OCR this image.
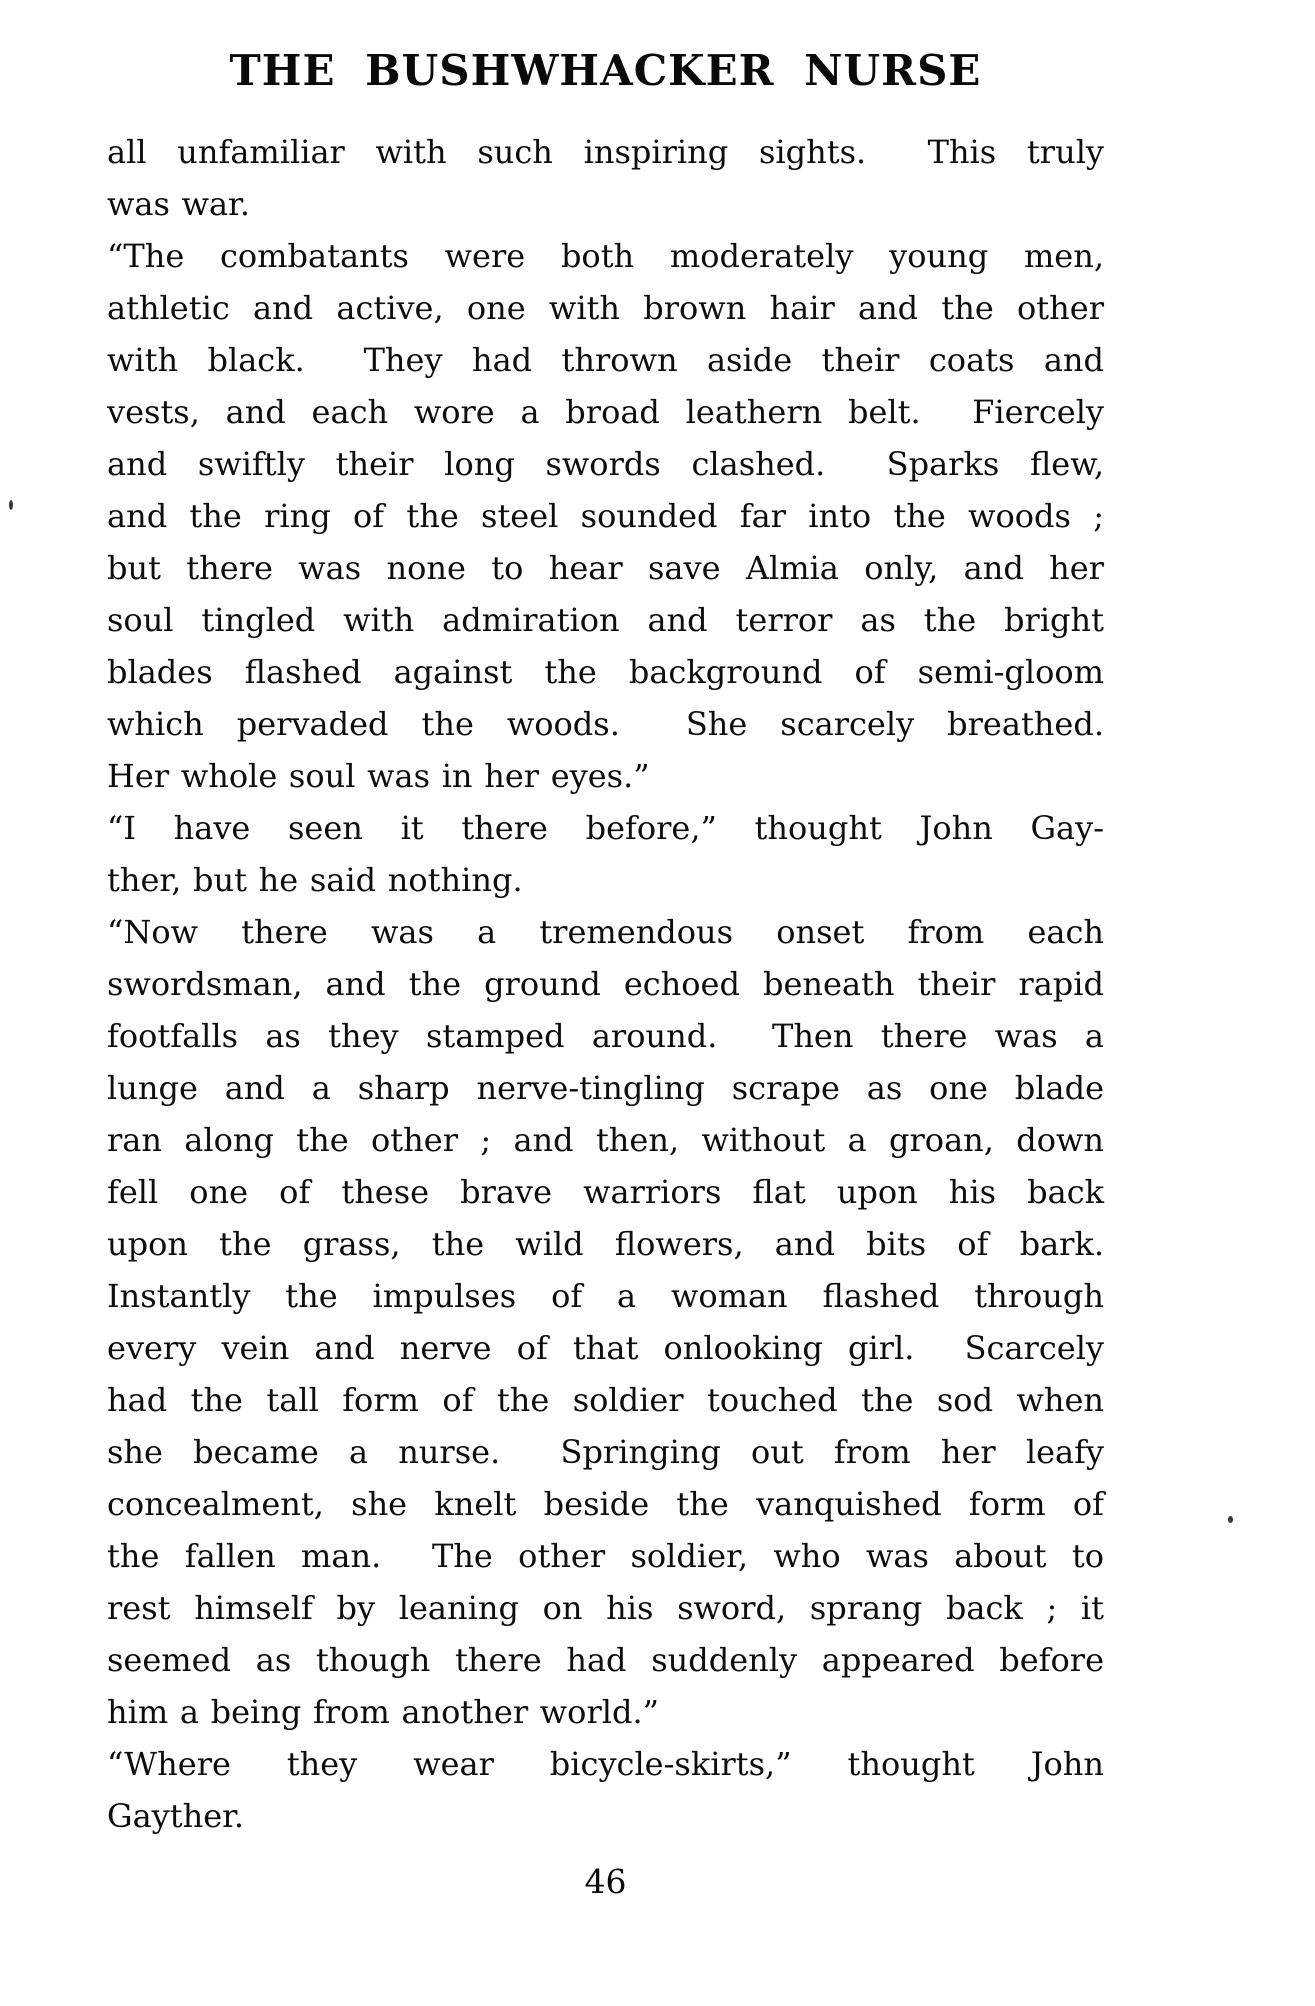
THE BUSHWHACKER NURSE

all unfamiliar with such inspiring sights.  This truly
was war.

“The combatants were both moderately young men,
athletic and active, one with brown hair and the other
with black.  They had thrown aside their coats and
vests, and each wore a broad leathern belt.  Fiercely
and swiftly their long swords clashed.  Sparks flew,
and the ring of the steel sounded far into the woods ;
but there was none to hear save Almia only, and her
soul tingled with admiration and terror as the bright
blades flashed against the background of semi-gloom
which pervaded the woods.  She scarcely breathed.
Her whole soul was in her eyes.”

“I have seen it there before,” thought John Gay-
ther, but he said nothing.

“Now there was a tremendous onset from each
swordsman, and the ground echoed beneath their rapid
footfalls as they stamped around.  Then there was a
lunge and a sharp nerve-tingling scrape as one blade
ran along the other ; and then, without a groan, down
fell one of these brave warriors flat upon his back
upon the grass, the wild flowers, and bits of bark.
Instantly the impulses of a woman flashed through
every vein and nerve of that onlooking girl.  Scarcely
had the tall form of the soldier touched the sod when
she became a nurse.  Springing out from her leafy
concealment, she knelt beside the vanquished form of
the fallen man.  The other soldier, who was about to
rest himself by leaning on his sword, sprang back ; it
seemed as though there had suddenly appeared before
him a being from another world.”

“Where they wear bicycle-skirts,” thought John
Gayther.

46
